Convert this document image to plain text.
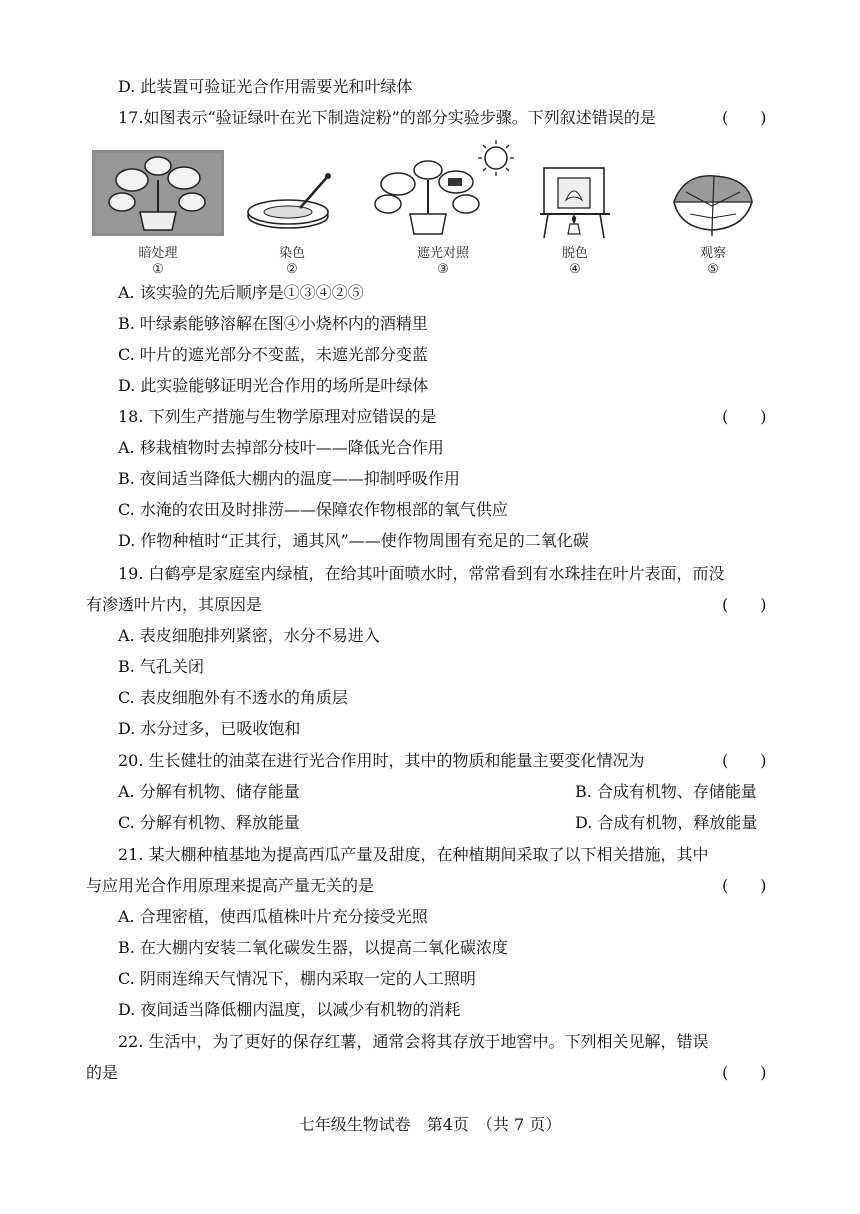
D. 此装置可验证光合作用需要光和叶绿体
17.如图表示“验证绿叶在光下制造淀粉”的部分实验步骤。下列叙述错误的是	(　　)
暗处理	染色	遮光对照	脱色	观察
①	②	③	④	⑤
A. 该实验的先后顺序是①③④②⑤
B. 叶绿素能够溶解在图④小烧杯内的酒精里
C. 叶片的遮光部分不变蓝，未遮光部分变蓝
D. 此实验能够证明光合作用的场所是叶绿体
18. 下列生产措施与生物学原理对应错误的是	(　　)
A. 移栽植物时去掉部分枝叶——降低光合作用
B. 夜间适当降低大棚内的温度——抑制呼吸作用
C. 水淹的农田及时排涝——保障农作物根部的氧气供应
D. 作物种植时“正其行，通其风”——使作物周围有充足的二氧化碳
19. 白鹤亭是家庭室内绿植，在给其叶面喷水时，常常看到有水珠挂在叶片表面，而没
有渗透叶片内，其原因是	(　　)
A. 表皮细胞排列紧密，水分不易进入
B. 气孔关闭
C. 表皮细胞外有不透水的角质层
D. 水分过多，已吸收饱和
20. 生长健壮的油菜在进行光合作用时，其中的物质和能量主要变化情况为	(　　)
A. 分解有机物、储存能量	B. 合成有机物、存储能量
C. 分解有机物、释放能量	D. 合成有机物，释放能量
21. 某大棚种植基地为提高西瓜产量及甜度，在种植期间采取了以下相关措施，其中
与应用光合作用原理来提高产量无关的是	(　　)
A. 合理密植，使西瓜植株叶片充分接受光照
B. 在大棚内安装二氧化碳发生器，以提高二氧化碳浓度
C. 阴雨连绵天气情况下，棚内采取一定的人工照明
D. 夜间适当降低棚内温度，以减少有机物的消耗
22. 生活中，为了更好的保存红薯，通常会将其存放于地窖中。下列相关见解，错误
的是	(　　)
七年级生物试卷　第4页　（共 7 页）
